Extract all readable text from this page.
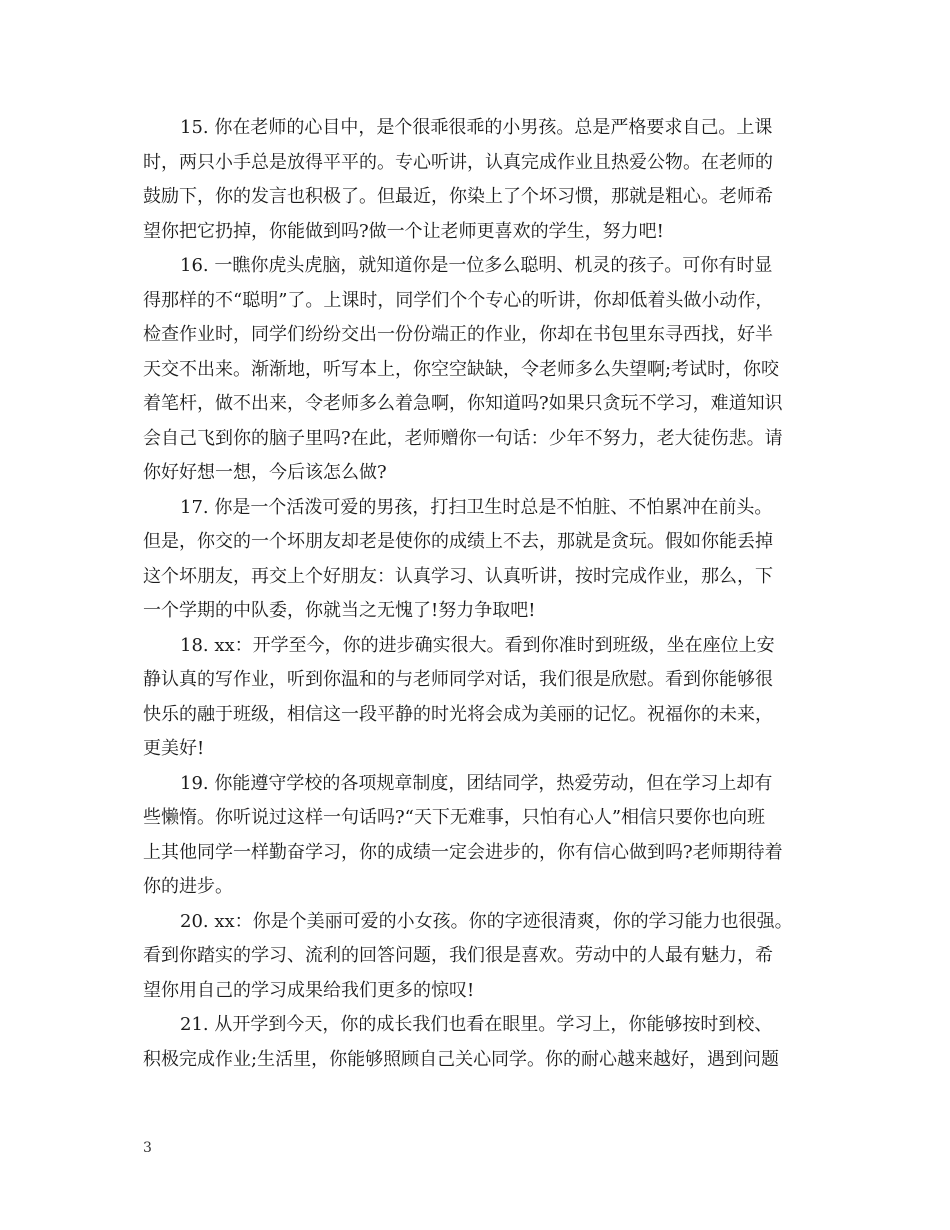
15. 你在老师的心目中，是个很乖很乖的小男孩。总是严格要求自己。上课
时，两只小手总是放得平平的。专心听讲，认真完成作业且热爱公物。在老师的
鼓励下，你的发言也积极了。但最近，你染上了个坏习惯，那就是粗心。老师希
望你把它扔掉，你能做到吗?做一个让老师更喜欢的学生，努力吧!

16. 一瞧你虎头虎脑，就知道你是一位多么聪明、机灵的孩子。可你有时显
得那样的不“聪明”了。上课时，同学们个个专心的听讲，你却低着头做小动作，
检查作业时，同学们纷纷交出一份份端正的作业，你却在书包里东寻西找，好半
天交不出来。渐渐地，听写本上，你空空缺缺，令老师多么失望啊;考试时，你咬
着笔杆，做不出来，令老师多么着急啊，你知道吗?如果只贪玩不学习，难道知识
会自己飞到你的脑子里吗?在此，老师赠你一句话：少年不努力，老大徒伤悲。请
你好好想一想，今后该怎么做?

17. 你是一个活泼可爱的男孩，打扫卫生时总是不怕脏、不怕累冲在前头。
但是，你交的一个坏朋友却老是使你的成绩上不去，那就是贪玩。假如你能丢掉
这个坏朋友，再交上个好朋友：认真学习、认真听讲，按时完成作业，那么，下
一个学期的中队委，你就当之无愧了!努力争取吧!

18. xx：开学至今，你的进步确实很大。看到你准时到班级，坐在座位上安
静认真的写作业，听到你温和的与老师同学对话，我们很是欣慰。看到你能够很
快乐的融于班级，相信这一段平静的时光将会成为美丽的记忆。祝福你的未来，
更美好!

19. 你能遵守学校的各项规章制度，团结同学，热爱劳动，但在学习上却有
些懒惰。你听说过这样一句话吗?“天下无难事，只怕有心人”相信只要你也向班
上其他同学一样勤奋学习，你的成绩一定会进步的，你有信心做到吗?老师期待着
你的进步。

20. xx：你是个美丽可爱的小女孩。你的字迹很清爽，你的学习能力也很强。
看到你踏实的学习、流利的回答问题，我们很是喜欢。劳动中的人最有魅力，希
望你用自己的学习成果给我们更多的惊叹!

21. 从开学到今天，你的成长我们也看在眼里。学习上，你能够按时到校、
积极完成作业;生活里，你能够照顾自己关心同学。你的耐心越来越好，遇到问题

3
